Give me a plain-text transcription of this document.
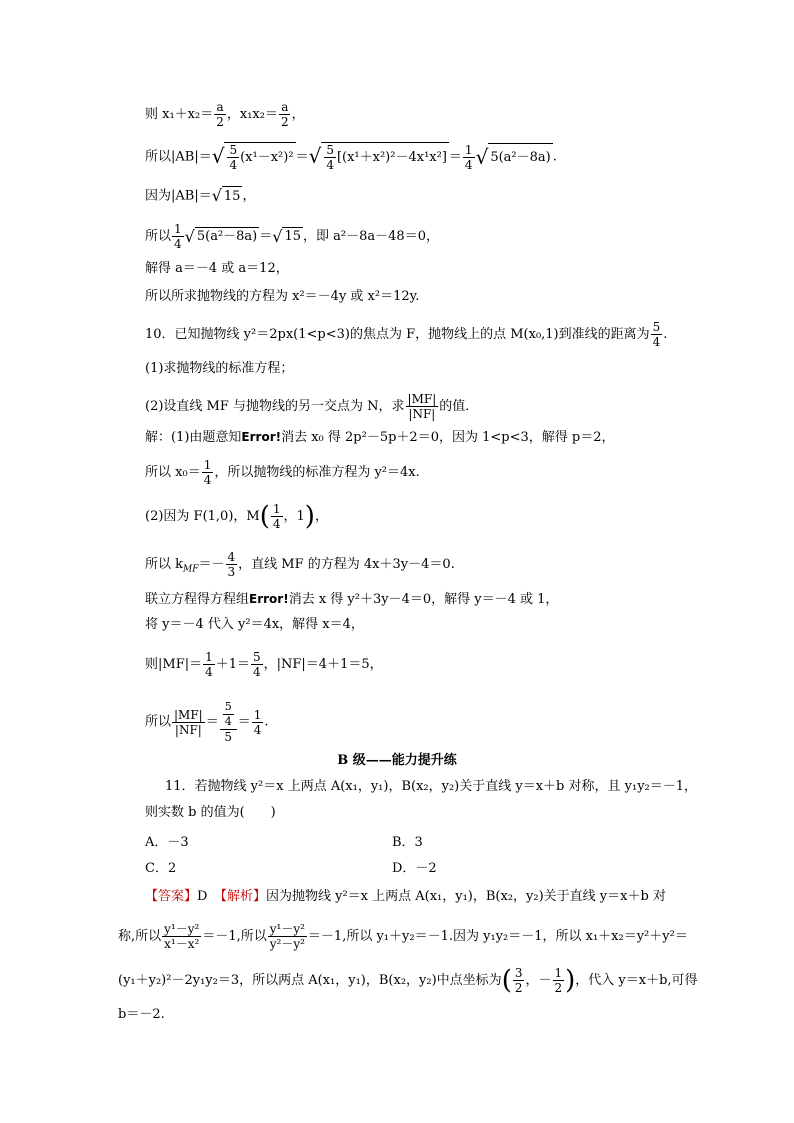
则 $x_1+x_2= \frac{a}{2}$ ，$x_1x_2= \frac{a}{2}$ ，
所以|AB|＝ √ $\frac{5}{4} (x^1-x^2)^2$ ＝ √ $\frac{5}{4} [(x^1+x^2)^2-4x^1x^2] = \frac{1}{4}$ √ 5(a²－8a) .
因为|AB|＝ √ 15 ，
所以 $\frac{1}{4}$ √ 5(a²－8a) ＝ √ 15 ，即 a²－8a－48＝0，
解得 a＝－4 或 a＝12，
所以所求抛物线的方程为 x²＝－4y 或 x²＝12y.
10．已知抛物线 y²＝2px(1<p<3)的焦点为 F，抛物线上的点 M(x₀,1)到准线的距离为 $\frac{5}{4}$ .
(1)求抛物线的标准方程；
(2)设直线 MF 与抛物线的另一交点为 N，求 $\frac{|MF|}{|NF|}$ 的值．
解：(1)由题意知Error!消去 x₀ 得 2p²－5p＋2＝0，因为 1<p<3，解得 p＝2，
所以 $x_0= \frac{1}{4}$ ，所以抛物线的标准方程为 y²＝4x.
(2)因为 F(1,0)，$M( \frac{1}{4}$ ，1)，
所以 $k_{MF}=- \frac{4}{3}$ ，直线 MF 的方程为 4x＋3y－4＝0.
联立方程得方程组Error!消去 x 得 y²＋3y－4＝0，解得 y＝－4 或 1，
将 y＝－4 代入 y²＝4x，解得 x＝4，
则$|MF|= \frac{1}{4} +1= \frac{5}{4}$ ，|NF|＝4＋1＝5，
所以 $\frac{|MF|}{|NF|} = \frac{\frac{5}{4}}{5} = \frac{1}{4}$ .
B 级——能力提升练
11．若抛物线 y²＝x 上两点 A(x₁，y₁)，B(x₂，y₂)关于直线 y＝x＋b 对称，且 y₁y₂＝－1，
则实数 b 的值为(　　)
A．－3	B．3
C．2	D．－2
【答案】D　【解析】因为抛物线 y²＝x 上两点 A(x₁，y₁)，B(x₂，y₂)关于直线 y＝x＋b 对
称,所以 $\frac{\text{y¹－y²}}{\text{x¹－x²}} =-1$,所以 $\frac{\text{y¹－y²}}{\text{y²－y²}} =-1$,所以 y₁＋y₂＝－1.因为 y₁y₂＝－1，所以 x₁＋x₂＝y²＋y²＝
(y₁＋y₂)²－2y₁y₂＝3，所以两点 A(x₁，y₁)，B(x₂，y₂)中点坐标为( $\frac{3}{2}$ ，－ $\frac{1}{2}$ )，代入 y＝x＋b,可得
b＝－2.
